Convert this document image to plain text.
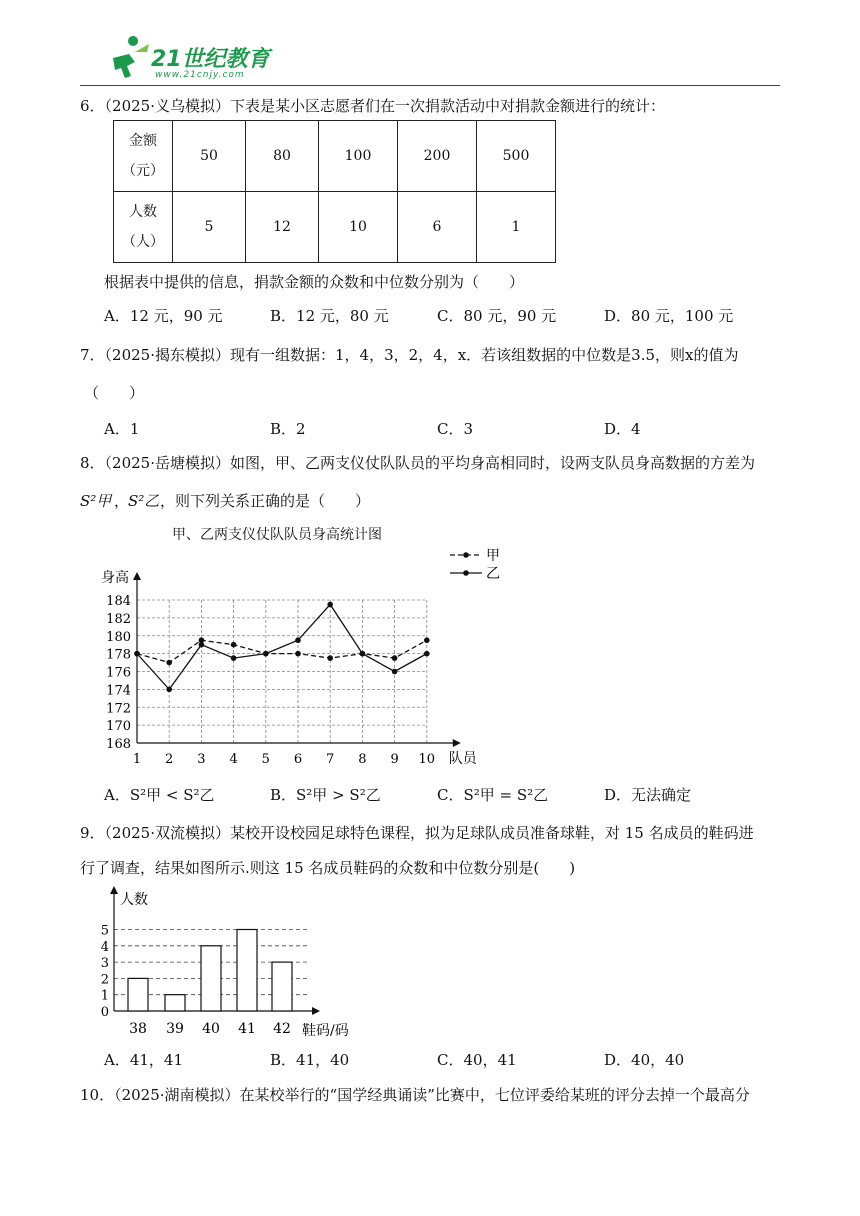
21世纪教育
www.21cnjy.com
6．（2025·义乌模拟）下表是某小区志愿者们在一次捐款活动中对捐款金额进行的统计：
金额
（元）	50	80	100	200	500

人数
（人）	5	12	10	6	1
根据表中提供的信息，捐款金额的众数和中位数分别为（　　）
A．12 元，90 元	B．12 元，80 元	C．80 元，90 元	D．80 元，100 元
7．（2025·揭东模拟）现有一组数据：1，4，3，2，4，x．若该组数据的中位数是3.5，则x的值为
（　　）
A．1	B．2	C．3	D．4
8．（2025·岳塘模拟）如图，甲、乙两支仪仗队队员的平均身高相同时，设两支队员身高数据的方差为
S²甲 ，
S²乙 ，则下列关系正确的是（　　）
甲、乙两支仪仗队队员身高统计图
168
170
172
174
176
178
180
182
184
1 2 3 4 5 6 7 8 9 10
身高
队员
甲
乙
A．S²甲 < S²乙	B．S²甲 > S²乙	C．S²甲 = S²乙	D．无法确定
9．（2025·双流模拟）某校开设校园足球特色课程，拟为足球队成员准备球鞋，对 15 名成员的鞋码进
行了调查，结果如图所示.则这 15 名成员鞋码的众数和中位数分别是(　　)
0
1
2
3
4
5
38 39 40 41 42
人数
鞋码/码
A．41，41	B．41，40	C．40，41	D．40，40
10．（2025·湖南模拟）在某校举行的“国学经典诵读”比赛中，七位评委给某班的评分去掉一个最高分
